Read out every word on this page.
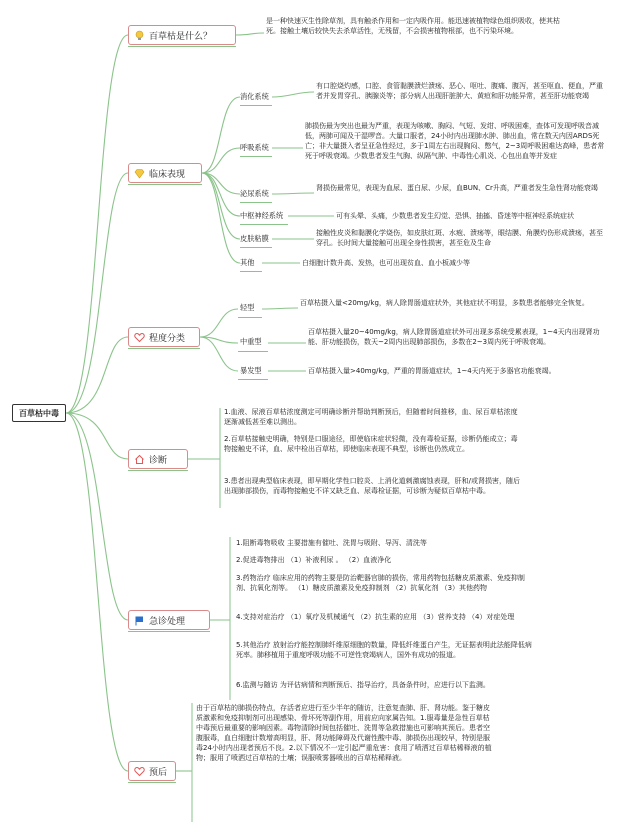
百草枯中毒
百草枯是什么？
是一种快速灭生性除草剂，具有触杀作用和一定内吸作用。能迅速被植物绿色组织吸收，使其枯死。接触土壤后较快失去杀草活性，无残留，不会损害植物根部，也不污染环境。
临床表现
消化系统
有口腔烧灼感，口腔、食管黏膜溃烂溃疡、恶心、呕吐、腹痛、腹泻，甚至呕血、便血，严重者并发胃穿孔、胰腺炎等；部分病人出现肝脏肿大、黄疸和肝功能异常，甚至肝功能衰竭
呼吸系统
肺损伤最为突出也最为严重，表现为咳嗽、胸闷、气短、发绀、呼吸困难，查体可发现呼吸音减低，两肺可闻及干湿啰音。大量口服者，24小时内出现肺水肿、肺出血，常在数天内因ARDS死亡；非大量摄入者呈亚急性经过，多于1周左右出现胸闷、憋气，2~3周呼吸困难达高峰，患者常死于呼吸衰竭。少数患者发生气胸、纵隔气肿、中毒性心肌炎、心包出血等并发症
泌尿系统
肾损伤最常见，表现为血尿、蛋白尿、少尿，血BUN、Cr升高，严重者发生急性肾功能衰竭
中枢神经系统	可有头晕、头痛，少数患者发生幻觉、恐惧、抽搐、昏迷等中枢神经系统症状
皮肤粘膜
接触性皮炎和黏膜化学烧伤，如皮肤红斑、水疱、溃疡等，眼结膜、角膜灼伤形成溃疡，甚至穿孔。长时间大量接触可出现全身性损害，甚至危及生命
其他	白细胞计数升高、发热，也可出现贫血、血小板减少等
程度分类
轻型	百草枯摄入量<20mg/kg，病人除胃肠道症状外，其他症状不明显，多数患者能够完全恢复。
中重型
百草枯摄入量20~40mg/kg，病人除胃肠道症状外可出现多系统受累表现，1~4天内出现肾功能、肝功能损伤，数天~2周内出现肺部损伤，多数在2~3周内死于呼吸衰竭。
暴发型	百草枯摄入量>40mg/kg，严重的胃肠道症状，1~4天内死于多器官功能衰竭。
诊断
1.血液、尿液百草枯浓度测定可明确诊断并帮助判断预后，但随着时间推移，血、尿百草枯浓度逐渐减低甚至难以测出。
2.百草枯接触史明确，特别是口服途径，即使临床症状轻微，没有毒检证据，诊断仍能成立；毒物接触史不详，血、尿中检出百草枯，即使临床表现不典型，诊断也仍然成立。
3.患者出现典型临床表现，即早期化学性口腔炎、上消化道刺激腐蚀表现，肝和/或肾损害，随后出现肺部损伤，而毒物接触史不详又缺乏血、尿毒检证据，可诊断为疑似百草枯中毒。
急诊处理
1.阻断毒物吸收 主要措施有催吐、洗胃与吸附、导泻、清洗等
2.促进毒物排出 （1）补液利尿 。 （2）血液净化
3.药物治疗 临床应用的药物主要是防治靶器官肺的损伤，常用药物包括糖皮质激素、免疫抑制剂、抗氧化剂等。 （1）糖皮质激素及免疫抑制剂 （2）抗氧化剂 （3）其他药物
4.支持对症治疗 （1）氧疗及机械通气 （2）抗生素的应用 （3）营养支持 （4）对症处理
5.其他治疗 放射治疗能控制肺纤维原细胞的数量，降低纤维蛋白产生，无证据表明此法能降低病死率。肺移植用于重度呼吸功能不可逆性衰竭病人，国外有成功的报道。
6.监测与随访 为评估病情和判断预后、指导治疗，具备条件时，应进行以下监测。
预后
由于百草枯的肺损伤特点，存活者应进行至少半年的随访，注意复查肺、肝、肾功能。鉴于糖皮质激素和免疫抑制剂可出现感染、骨坏死等副作用，用前应向家属告知。1.服毒量是急性百草枯中毒预后最重要的影响因素。毒物清除时间包括催吐、洗胃等急救措施也可影响其预后。患者空腹服毒，血白细胞计数增高明显，肝、肾功能障碍及代谢性酸中毒、肺损伤出现较早，特别是服毒24小时内出现者预后不良。2.以下情况不一定引起严重危害：食用了喷洒过百草枯稀释液的植物；服用了喷洒过百草枯的土壤；误服喷雾器喷出的百草枯稀释液。
